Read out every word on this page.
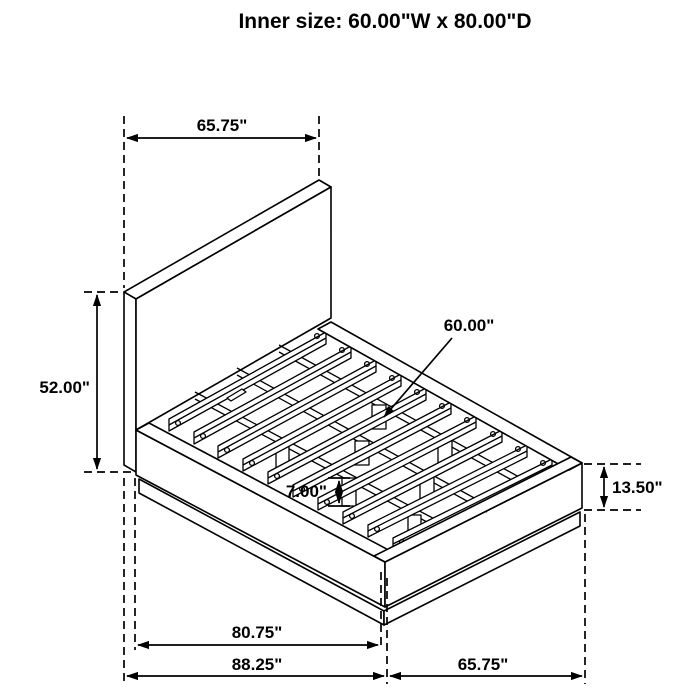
65.75"
52.00"
60.00"
7.00"	13.50"
80.75"
88.25"	65.75"
Inner size: 60.00"W x 80.00"D
